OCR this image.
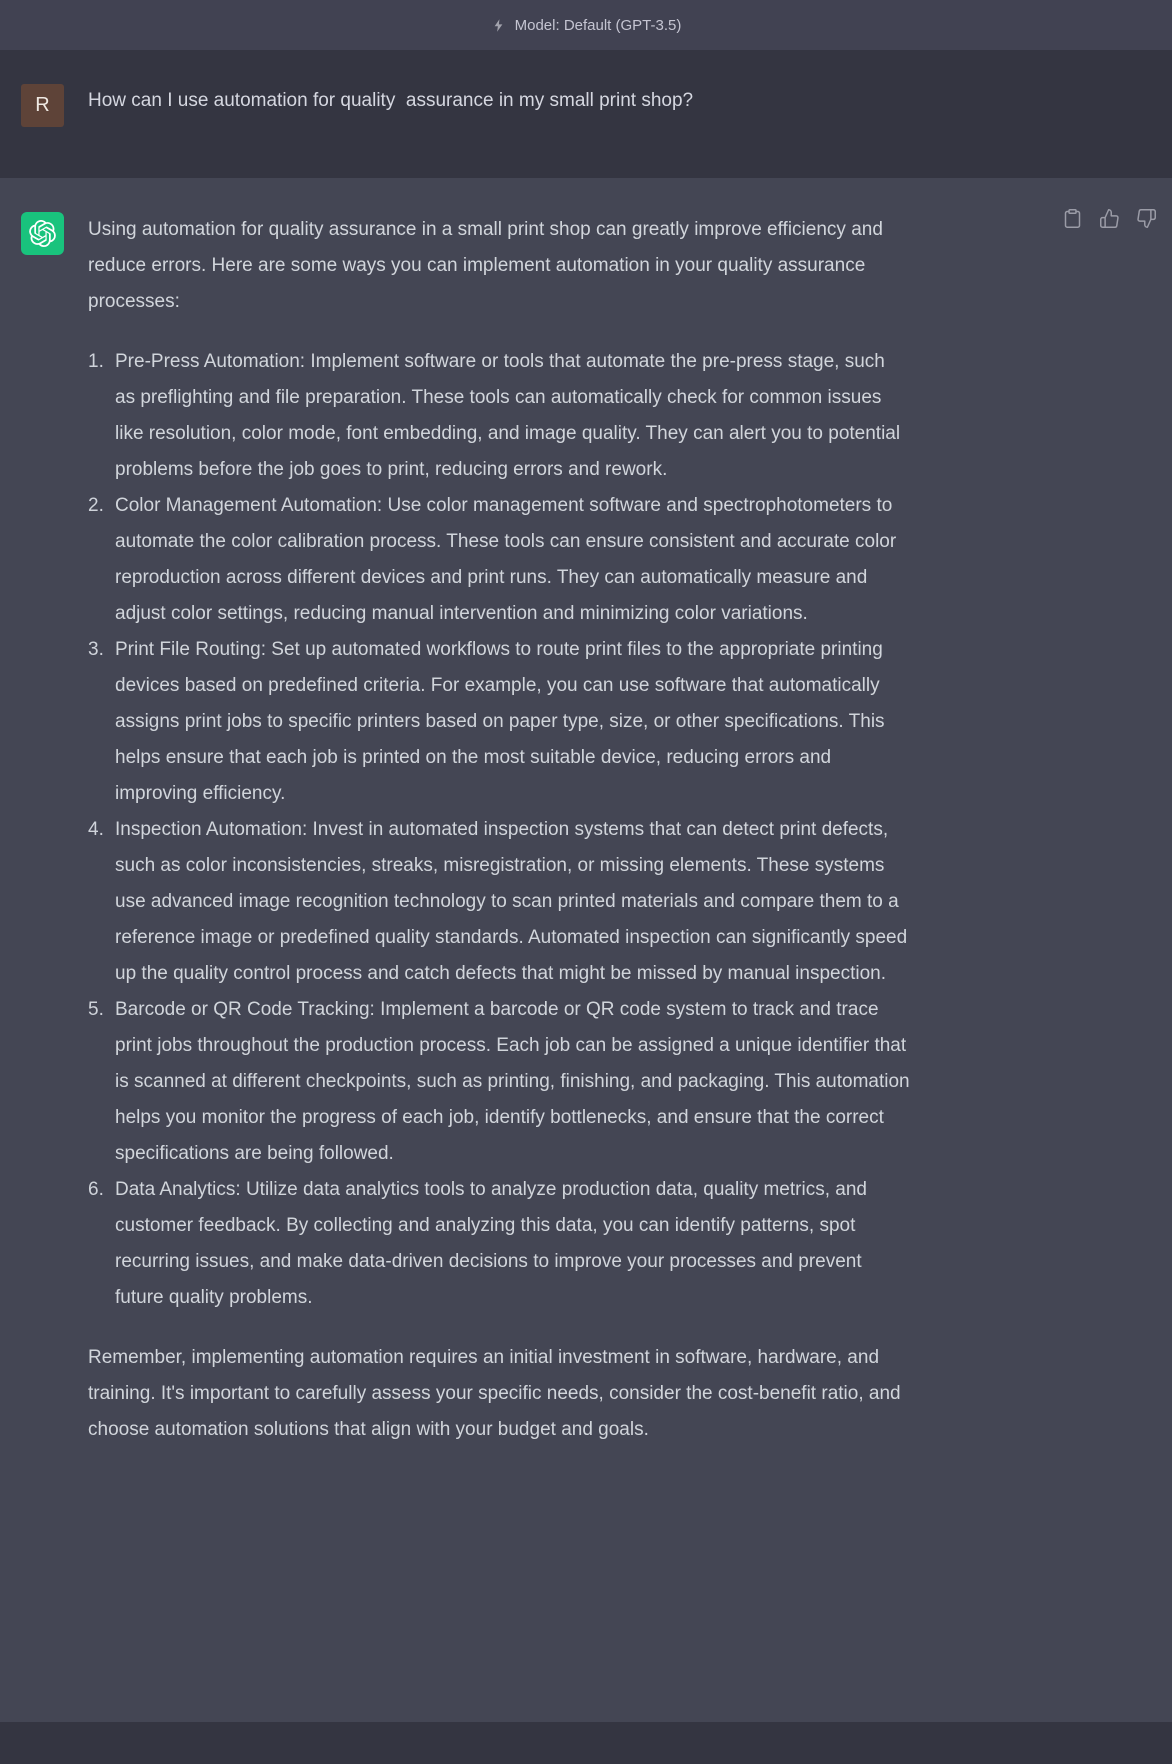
Model: Default (GPT-3.5)
R How can I use automation for quality  assurance in my small print shop?

Using automation for quality assurance in a small print shop can greatly improve efficiency and reduce errors. Here are some ways you can implement automation in your quality assurance processes:

Pre-Press Automation: Implement software or tools that automate the pre-press stage, such as preflighting and file preparation. These tools can automatically check for common issues like resolution, color mode, font embedding, and image quality. They can alert you to potential problems before the job goes to print, reducing errors and rework.
Color Management Automation: Use color management software and spectrophotometers to automate the color calibration process. These tools can ensure consistent and accurate color reproduction across different devices and print runs. They can automatically measure and adjust color settings, reducing manual intervention and minimizing color variations.
Print File Routing: Set up automated workflows to route print files to the appropriate printing devices based on predefined criteria. For example, you can use software that automatically assigns print jobs to specific printers based on paper type, size, or other specifications. This helps ensure that each job is printed on the most suitable device, reducing errors and improving efficiency.
Inspection Automation: Invest in automated inspection systems that can detect print defects, such as color inconsistencies, streaks, misregistration, or missing elements. These systems use advanced image recognition technology to scan printed materials and compare them to a reference image or predefined quality standards. Automated inspection can significantly speed up the quality control process and catch defects that might be missed by manual inspection.
Barcode or QR Code Tracking: Implement a barcode or QR code system to track and trace print jobs throughout the production process. Each job can be assigned a unique identifier that is scanned at different checkpoints, such as printing, finishing, and packaging. This automation helps you monitor the progress of each job, identify bottlenecks, and ensure that the correct specifications are being followed.
Data Analytics: Utilize data analytics tools to analyze production data, quality metrics, and customer feedback. By collecting and analyzing this data, you can identify patterns, spot recurring issues, and make data-driven decisions to improve your processes and prevent future quality problems.

Remember, implementing automation requires an initial investment in software, hardware, and training. It's important to carefully assess your specific needs, consider the cost-benefit ratio, and choose automation solutions that align with your budget and goals.
